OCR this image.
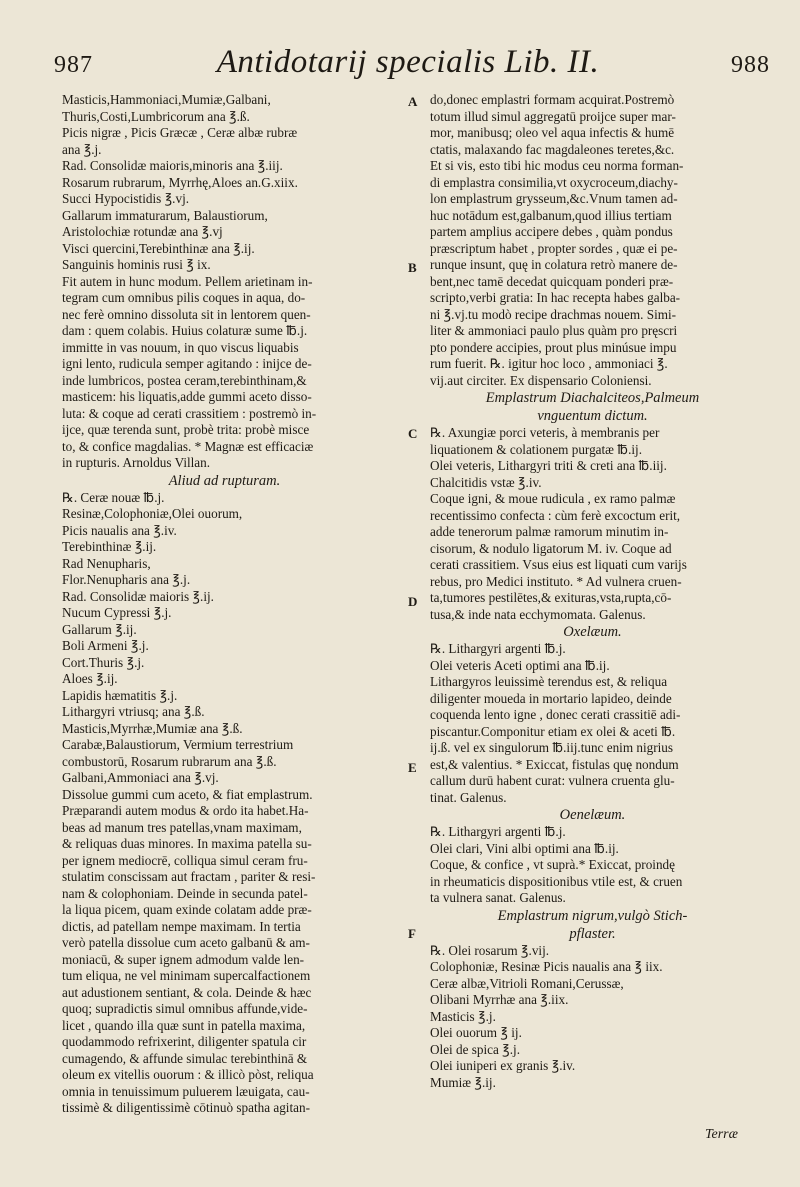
987	Antidotarij specialis Lib. II.	988
Masticis,Hammoniaci,Mumiæ,Galbani,
Thuris,Costi,Lumbricorum ana ℥.ß.
Picis nigræ , Picis Græcæ , Ceræ albæ rubræ
ana ℥.j.
Rad. Consolidæ maioris,minoris ana ℥.iij.
Rosarum rubrarum, Myrrhę,Aloes an.G.xiix.
Succi Hypocistidis ℥.vj.
Gallarum immaturarum, Balaustiorum,
Aristolochiæ rotundæ ana ℥.vj
Visci quercini,Terebinthinæ ana ℥.ij.
Sanguinis hominis rusi ℥ ix.
Fit autem in hunc modum. Pellem arietinam in-
tegram cum omnibus pilis coques in aqua, do-
nec ferè omnino dissoluta sit in lentorem quen-
dam : quem colabis. Huius colaturæ sume ℔.j.
immitte in vas nouum, in quo viscus liquabis
igni lento, rudicula semper agitando : inijce de-
inde lumbricos, postea ceram,terebinthinam,&
masticem: his liquatis,adde gummi aceto disso-
luta: & coque ad cerati crassitiem : postremò in-
ijce, quæ terenda sunt, probè trita: probè misce
to, & confice magdalias. * Magnæ est efficaciæ
in rupturis. Arnoldus Villan.
Aliud ad rupturam.
℞. Ceræ nouæ ℔.j.
Resinæ,Colophoniæ,Olei ouorum,
Picis naualis ana ℥.iv.
Terebinthinæ ℥.ij.
Rad Nenupharis,
Flor.Nenupharis ana ℥.j.
Rad. Consolidæ maioris ℥.ij.
Nucum Cypressi ℥.j.
Gallarum ℥.ij.
Boli Armeni ℥.j.
Cort.Thuris ℥.j.
Aloes ℥.ij.
Lapidis hæmatitis ℥.j.
Lithargyri vtriusq; ana ℥.ß.
Masticis,Myrrhæ,Mumiæ ana ℥.ß.
Carabæ,Balaustiorum, Vermium terrestrium
combustorū, Rosarum rubrarum ana ℥.ß.
Galbani,Ammoniaci ana ℥.vj.
Dissolue gummi cum aceto, & fiat emplastrum.
Præparandi autem modus & ordo ita habet.Ha-
beas ad manum tres patellas,vnam maximam,
& reliquas duas minores. In maxima patella su-
per ignem mediocrē, colliqua simul ceram fru-
stulatim conscissam aut fractam , pariter & resi-
nam & colophoniam. Deinde in secunda patel-
la liqua picem, quam exinde colatam adde præ-
dictis, ad patellam nempe maximam. In tertia
verò patella dissolue cum aceto galbanū & am-
moniacū, & super ignem admodum valde len-
tum eliqua, ne vel minimam supercalfactionem
aut adustionem sentiant, & cola. Deinde & hæc
quoq; supradictis simul omnibus affunde,vide-
licet , quando illa quæ sunt in patella maxima,
quodammodo refrixerint, diligenter spatula cir
cumagendo, & affunde simulac terebinthinā &
oleum ex vitellis ouorum : & illicò pòst, reliqua
omnia in tenuissimum puluerem læuigata, cau-
tissimè & diligentissimè cōtinuò spatha agitan-
do,donec emplastri formam acquirat.Postremò
totum illud simul aggregatū proijce super mar-
mor, manibusq; oleo vel aqua infectis & humē
ctatis, malaxando fac magdaleones teretes,&c.
Et si vis, esto tibi hic modus ceu norma forman-
di emplastra consimilia,vt oxycroceum,diachy-
lon emplastrum grysseum,&c.Vnum tamen ad-
huc notādum est,galbanum,quod illius tertiam
partem amplius accipere debes , quàm pondus
præscriptum habet , propter sordes , quæ ei pe-
runque insunt, quę in colatura retrò manere de-
bent,nec tamē decedat quicquam ponderi præ-
scripto,verbi gratia: In hac recepta habes galba-
ni ℥.vj.tu modò recipe drachmas nouem. Simi-
liter & ammoniaci paulo plus quàm pro pręscri
pto pondere accipies, prout plus minúsue impu
rum fuerit. ℞. igitur hoc loco , ammoniaci ℥.
vij.aut circiter. Ex dispensario Coloniensi.
Emplastrum Diachalciteos,Palmeum
vnguentum dictum.
℞. Axungiæ porci veteris, à membranis per
liquationem & colationem purgatæ ℔.ij.
Olei veteris, Lithargyri triti & creti ana ℔.iij.
Chalcitidis vstæ ℥.iv.
Coque igni, & moue rudicula , ex ramo palmæ
recentissimo confecta : cùm ferè excoctum erit,
adde tenerorum palmæ ramorum minutim in-
cisorum, & nodulo ligatorum M. iv. Coque ad
cerati crassitiem. Vsus eius est liquati cum varijs
rebus, pro Medici instituto. * Ad vulnera cruen-
ta,tumores pestilētes,& exituras,vsta,rupta,cō-
tusa,& inde nata ecchymomata. Galenus.
Oxelæum.
℞. Lithargyri argenti ℔.j.
Olei veteris Aceti optimi ana ℔.ij.
Lithargyros leuissimè terendus est, & reliqua
diligenter moueda in mortario lapideo, deinde
coquenda lento igne , donec cerati crassitiē adi-
piscantur.Componitur etiam ex olei & aceti ℔.
ij.ß. vel ex singulorum ℔.iij.tunc enim nigrius
est,& valentius. * Exiccat, fistulas quę nondum
callum durū habent curat: vulnera cruenta glu-
tinat. Galenus.
Oenelæum.
℞. Lithargyri argenti ℔.j.
Olei clari, Vini albi optimi ana ℔.ij.
Coque, & confice , vt suprà.* Exiccat, proindę
in rheumaticis dispositionibus vtile est, & cruen
ta vulnera sanat. Galenus.
Emplastrum nigrum,vulgò Stich-
pflaster.
℞. Olei rosarum ℥.vij.
Colophoniæ, Resinæ Picis naualis ana ℥ iix.
Ceræ albæ,Vitrioli Romani,Cerussæ,
Olibani Myrrhæ ana ℥.iix.
Masticis ℥.j.
Olei ouorum ℥ ij.
Olei de spica ℥.j.
Olei iuniperi ex granis ℥.iv.
Mumiæ ℥.ij.
A
B
C
D
E
F
Terræ
